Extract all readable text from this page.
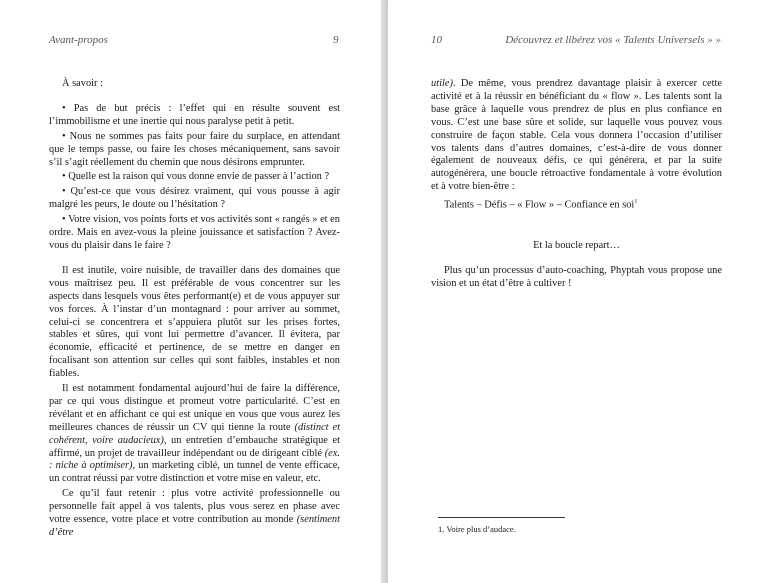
Avant-propos	9

À savoir :

• Pas de but précis : l’effet qui en résulte souvent est l’immobilisme et une inertie qui nous paralyse petit à petit.

• Nous ne sommes pas faits pour faire du surplace, en attendant que le temps passe, ou faire les choses mécaniquement, sans savoir s’il s’agit réellement du chemin que nous désirons emprunter.

• Quelle est la raison qui vous donne envie de passer à l’action ?

• Qu’est-ce que vous désirez vraiment, qui vous pousse à agir malgré les peurs, le doute ou l’hésitation ?

• Votre vision, vos points forts et vos activités sont « rangés » et en ordre. Mais en avez-vous la pleine jouissance et satisfaction ? Avez-vous du plaisir dans le faire ?

Il est inutile, voire nuisible, de travailler dans des domaines que vous maîtrisez peu. Il est préférable de vous concentrer sur les aspects dans lesquels vous êtes performant(e) et de vous appuyer sur vos forces. À l’instar d’un montagnard : pour arriver au sommet, celui-ci se concentrera et s’appuiera plutôt sur les prises fortes, stables et sûres, qui vont lui permettre d’avancer. Il évitera, par économie, efficacité et pertinence, de se mettre en danger en focalisant son attention sur celles qui sont faibles, instables et non fiables.

Il est notamment fondamental aujourd’hui de faire la différence, par ce qui vous distingue et promeut votre particularité. C’est en révélant et en affichant ce qui est unique en vous que vous aurez les meilleures chances de réussir un CV qui tienne la route (distinct et cohérent, voire audacieux), un entretien d’embauche stratégique et affirmé, un projet de travailleur indépendant ou de dirigeant ciblé (ex. : niche à optimiser), un marketing ciblé, un tunnel de vente efficace, un contrat réussi par votre distinction et votre mise en valeur, etc.

Ce qu’il faut retenir : plus votre activité professionnelle ou personnelle fait appel à vos talents, plus vous serez en phase avec votre essence, votre place et votre contribution au monde (sentiment d’être

10	Découvrez et libérez vos « Talents Universels » »

utile). De même, vous prendrez davantage plaisir à exercer cette activité et à la réussir en bénéficiant du « flow ». Les talents sont la base grâce à laquelle vous prendrez de plus en plus confiance en vous. C’est une base sûre et solide, sur laquelle vous pouvez vous construire de façon stable. Cela vous donnera l’occasion d’utiliser vos talents dans d’autres domaines, c’est-à-dire de vous donner également de nouveaux défis, ce qui générera, et par la suite autogénérera, une boucle rétroactive fondamentale à votre évolution et à votre bien-être :

Talents – Défis – « Flow » – Confiance en soi$^1$

Et la boucle repart…

Plus qu’un processus d’auto-coaching, Phyptah vous propose une vision et un état d’être à cultiver !

1. Voire plus d’audace.
